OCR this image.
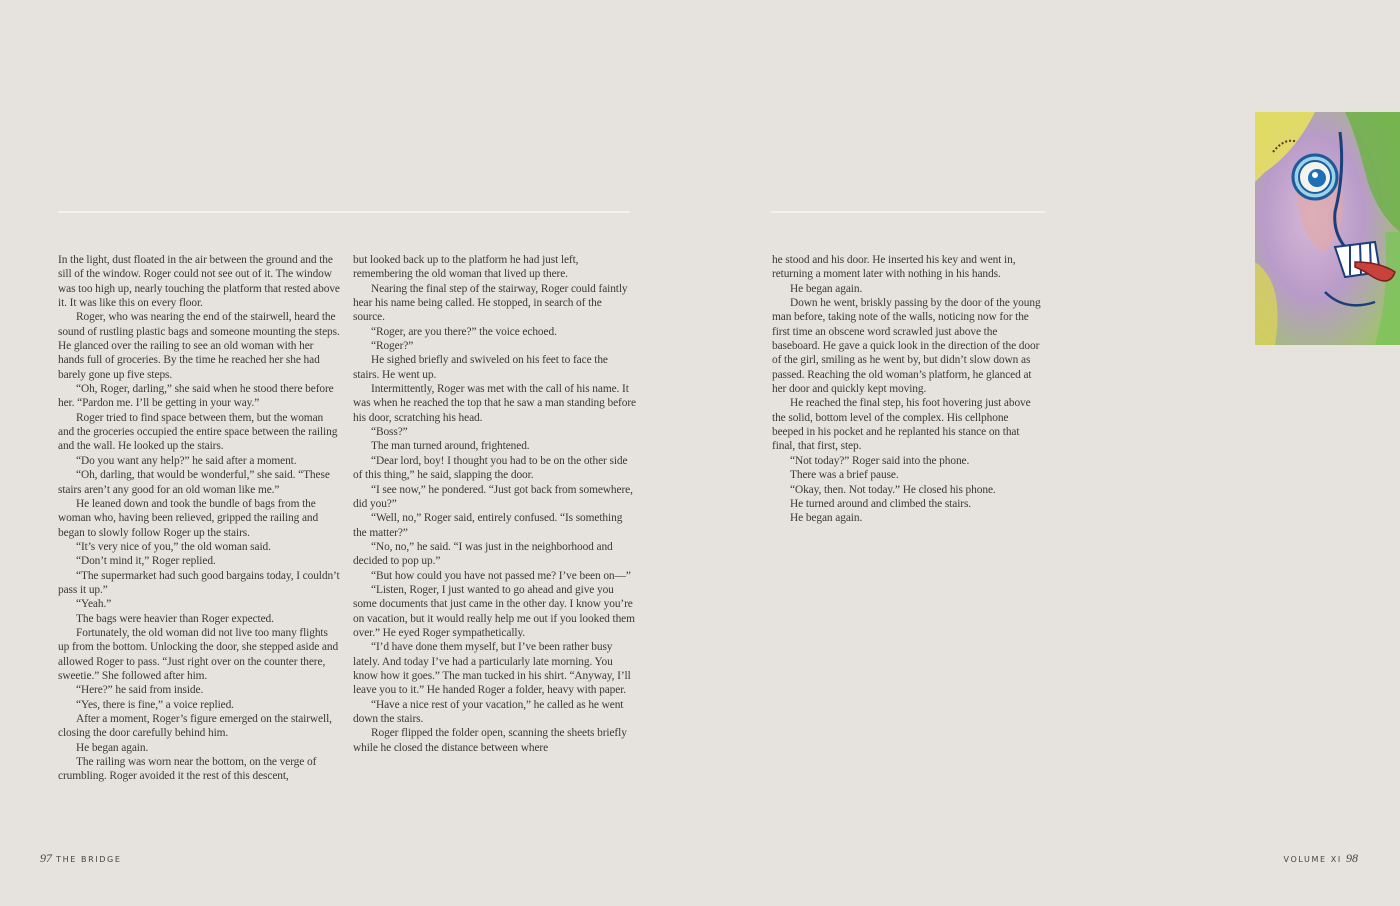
In the light, dust floated in the air between the ground and the sill of the window. Roger could not see out of it. The window was too high up, nearly touching the platform that rested above it. It was like this on every floor.

Roger, who was nearing the end of the stairwell, heard the sound of rustling plastic bags and someone mounting the steps. He glanced over the railing to see an old woman with her hands full of groceries. By the time he reached her she had barely gone up five steps.

“Oh, Roger, darling,” she said when he stood there before her. “Pardon me. I’ll be getting in your way.”

Roger tried to find space between them, but the woman and the groceries occupied the entire space between the railing and the wall. He looked up the stairs.

“Do you want any help?” he said after a moment.

“Oh, darling, that would be wonderful,” she said. “These stairs aren’t any good for an old woman like me.”

He leaned down and took the bundle of bags from the woman who, having been relieved, gripped the railing and began to slowly follow Roger up the stairs.

“It’s very nice of you,” the old woman said.

“Don’t mind it,” Roger replied.

“The supermarket had such good bargains today, I couldn’t pass it up.”

“Yeah.”

The bags were heavier than Roger expected.

Fortunately, the old woman did not live too many flights up from the bottom. Unlocking the door, she stepped aside and allowed Roger to pass. “Just right over on the counter there, sweetie.” She followed after him.

“Here?” he said from inside.

“Yes, there is fine,” a voice replied.

After a moment, Roger’s figure emerged on the stairwell, closing the door carefully behind him.

He began again.

The railing was worn near the bottom, on the verge of crumbling. Roger avoided it the rest of this descent,

but looked back up to the platform he had just left, remembering the old woman that lived up there.

Nearing the final step of the stairway, Roger could faintly hear his name being called. He stopped, in search of the source.

“Roger, are you there?” the voice echoed.

“Roger?”

He sighed briefly and swiveled on his feet to face the stairs. He went up.

Intermittently, Roger was met with the call of his name. It was when he reached the top that he saw a man standing before his door, scratching his head.

“Boss?”

The man turned around, frightened.

“Dear lord, boy! I thought you had to be on the other side of this thing,” he said, slapping the door.

“I see now,” he pondered. “Just got back from somewhere, did you?”

“Well, no,” Roger said, entirely confused. “Is something the matter?”

“No, no,” he said. “I was just in the neighborhood and decided to pop up.”

“But how could you have not passed me? I’ve been on—”

“Listen, Roger, I just wanted to go ahead and give you some documents that just came in the other day. I know you’re on vacation, but it would really help me out if you looked them over.” He eyed Roger sympathetically.

“I’d have done them myself, but I’ve been rather busy lately. And today I’ve had a particularly late morning. You know how it goes.” The man tucked in his shirt. “Anyway, I’ll leave you to it.” He handed Roger a folder, heavy with paper.

“Have a nice rest of your vacation,” he called as he went down the stairs.

Roger flipped the folder open, scanning the sheets briefly while he closed the distance between where

he stood and his door. He inserted his key and went in, returning a moment later with nothing in his hands.

He began again.

Down he went, briskly passing by the door of the young man before, taking note of the walls, noticing now for the first time an obscene word scrawled just above the baseboard. He gave a quick look in the direction of the door of the girl, smiling as he went by, but didn’t slow down as passed. Reaching the old woman’s platform, he glanced at her door and quickly kept moving.

He reached the final step, his foot hovering just above the solid, bottom level of the complex. His cellphone beeped in his pocket and he replanted his stance on that final, that first, step.

“Not today?” Roger said into the phone.

There was a brief pause.

“Okay, then. Not today.” He closed his phone.

He turned around and climbed the stairs.

He began again.

97 THE BRIDGE	VOLUME XI 98
